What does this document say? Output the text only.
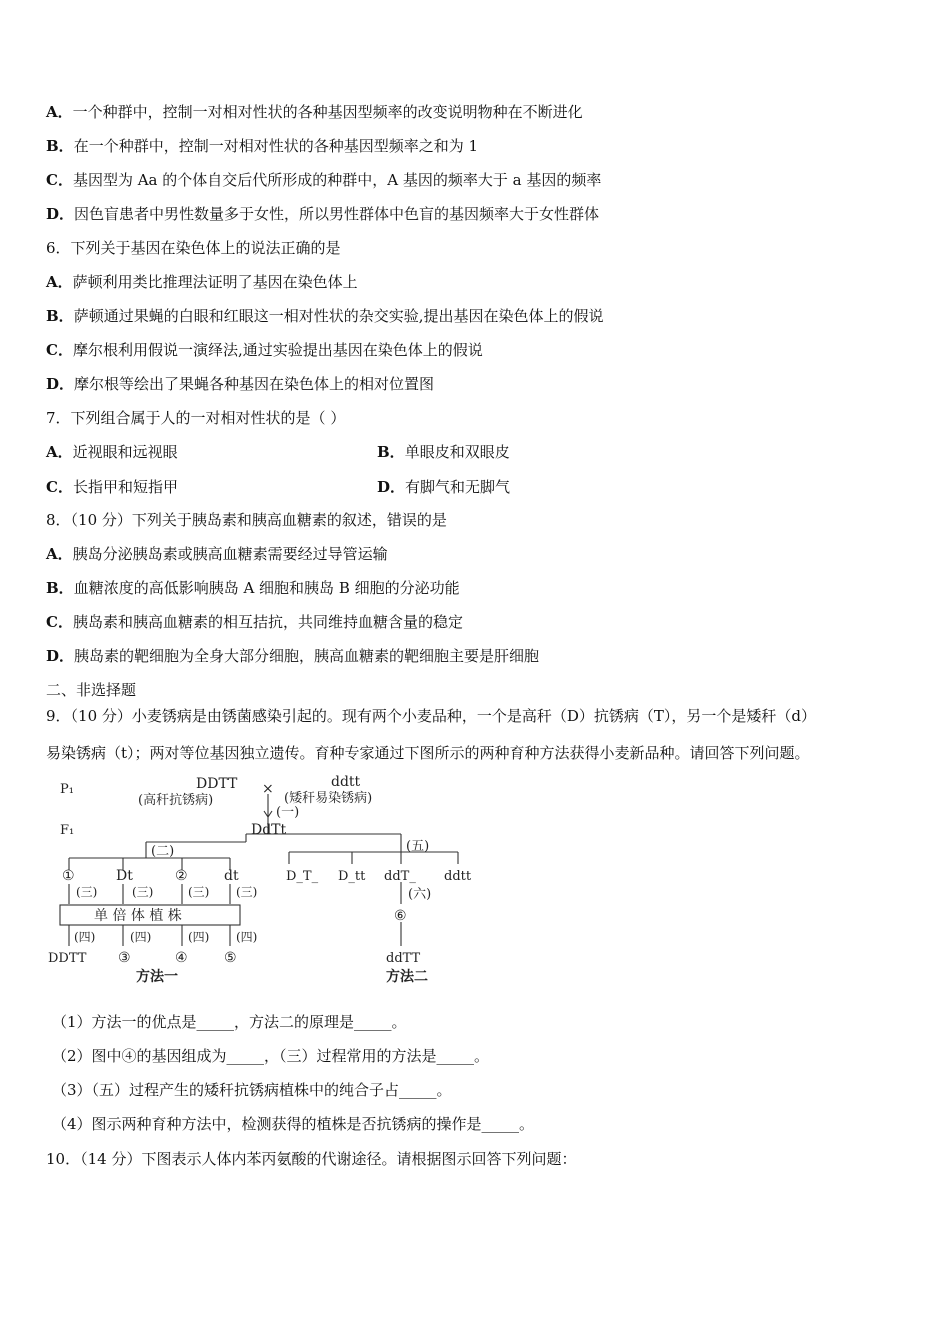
A．一个种群中，控制一对相对性状的各种基因型频率的改变说明物种在不断进化
B．在一个种群中，控制一对相对性状的各种基因型频率之和为 1
C．基因型为 Aa 的个体自交后代所形成的种群中，A 基因的频率大于 a 基因的频率
D．因色盲患者中男性数量多于女性，所以男性群体中色盲的基因频率大于女性群体
6．下列关于基因在染色体上的说法正确的是
A．萨顿利用类比推理法证明了基因在染色体上
B．萨顿通过果蝇的白眼和红眼这一相对性状的杂交实验,提出基因在染色体上的假说
C．摩尔根利用假说一演绎法,通过实验提出基因在染色体上的假说
D．摩尔根等绘出了果蝇各种基因在染色体上的相对位置图
7．下列组合属于人的一对相对性状的是（ ）
A．近视眼和远视眼	B．单眼皮和双眼皮
C．长指甲和短指甲	D．有脚气和无脚气
8．（10 分）下列关于胰岛素和胰高血糖素的叙述，错误的是
A．胰岛分泌胰岛素或胰高血糖素需要经过导管运输
B．血糖浓度的高低影响胰岛 A 细胞和胰岛 B 细胞的分泌功能
C．胰岛素和胰高血糖素的相互拮抗，共同维持血糖含量的稳定
D．胰岛素的靶细胞为全身大部分细胞，胰高血糖素的靶细胞主要是肝细胞
二、非选择题
9．（10 分）小麦锈病是由锈菌感染引起的。现有两个小麦品种，一个是高秆（D）抗锈病（T），另一个是矮秆（d）
易染锈病（t）；两对等位基因独立遗传。育种专家通过下图所示的两种育种方法获得小麦新品种。请回答下列问题。
P₁	DDTT
(高秆抗锈病)
×	ddtt
(矮秆易染锈病)
(一)
F₁	DdTt
(二)	(五)
①	Dt	②	dt
(三)	(三)	(三) (三)
单 倍 体 植 株
(四)	(四)	(四) (四)
DDTT ③	④	⑤
方法一
D_T_ D_tt ddT_ ddtt
(六)
⑥
ddTT
方法二
（1）方法一的优点是_____，方法二的原理是_____。
（2）图中④的基因组成为_____，（三）过程常用的方法是_____。
（3）（五）过程产生的矮秆抗锈病植株中的纯合子占_____。
（4）图示两种育种方法中，检测获得的植株是否抗锈病的操作是_____。
10．（14 分）下图表示人体内苯丙氨酸的代谢途径。请根据图示回答下列问题：
